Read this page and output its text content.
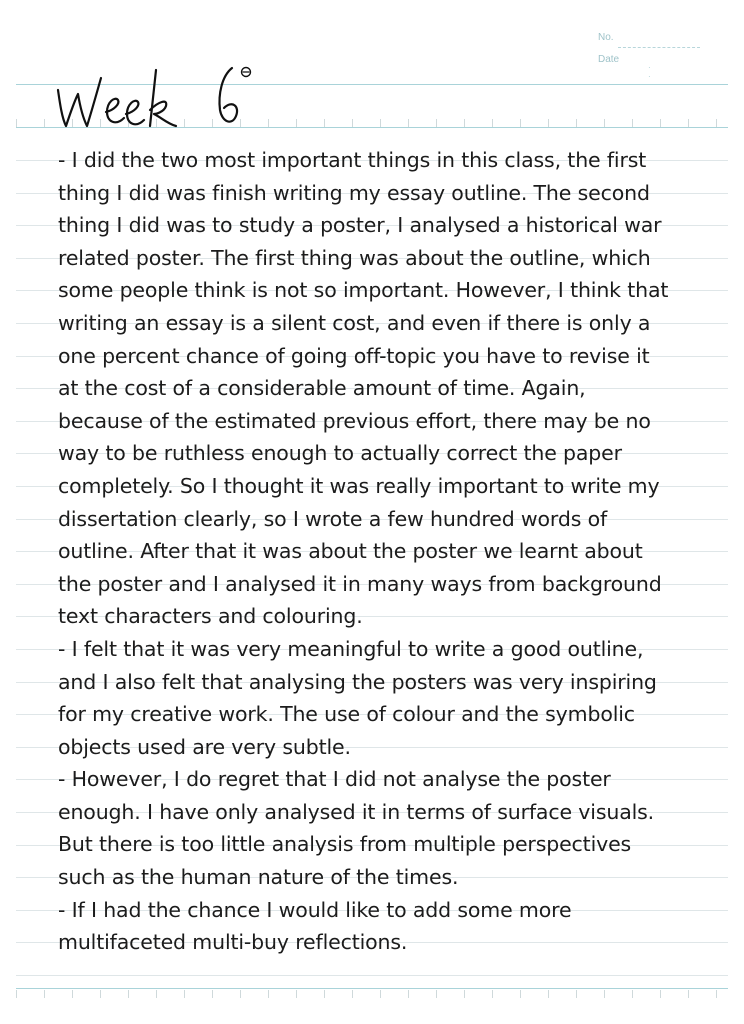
No.
Date
· ·

- I did the two most important things in this class, the first thing I did was finish writing my essay outline. The second thing I did was to study a poster, I analysed a historical war related poster. The first thing was about the outline, which some people think is not so important. However, I think that writing an essay is a silent cost, and even if there is only a one percent chance of going off-topic you have to revise it at the cost of a considerable amount of time. Again, because of the estimated previous effort, there may be no way to be ruthless enough to actually correct the paper completely. So I thought it was really important to write my dissertation clearly, so I wrote a few hundred words of outline. After that it was about the poster we learnt about the poster and I analysed it in many ways from background text characters and colouring.

- I felt that it was very meaningful to write a good outline, and I also felt that analysing the posters was very inspiring for my creative work. The use of colour and the symbolic objects used are very subtle.

- However, I do regret that I did not analyse the poster enough. I have only analysed it in terms of surface visuals. But there is too little analysis from multiple perspectives such as the human nature of the times.

- If I had the chance I would like to add some more multifaceted multi-buy reflections.
